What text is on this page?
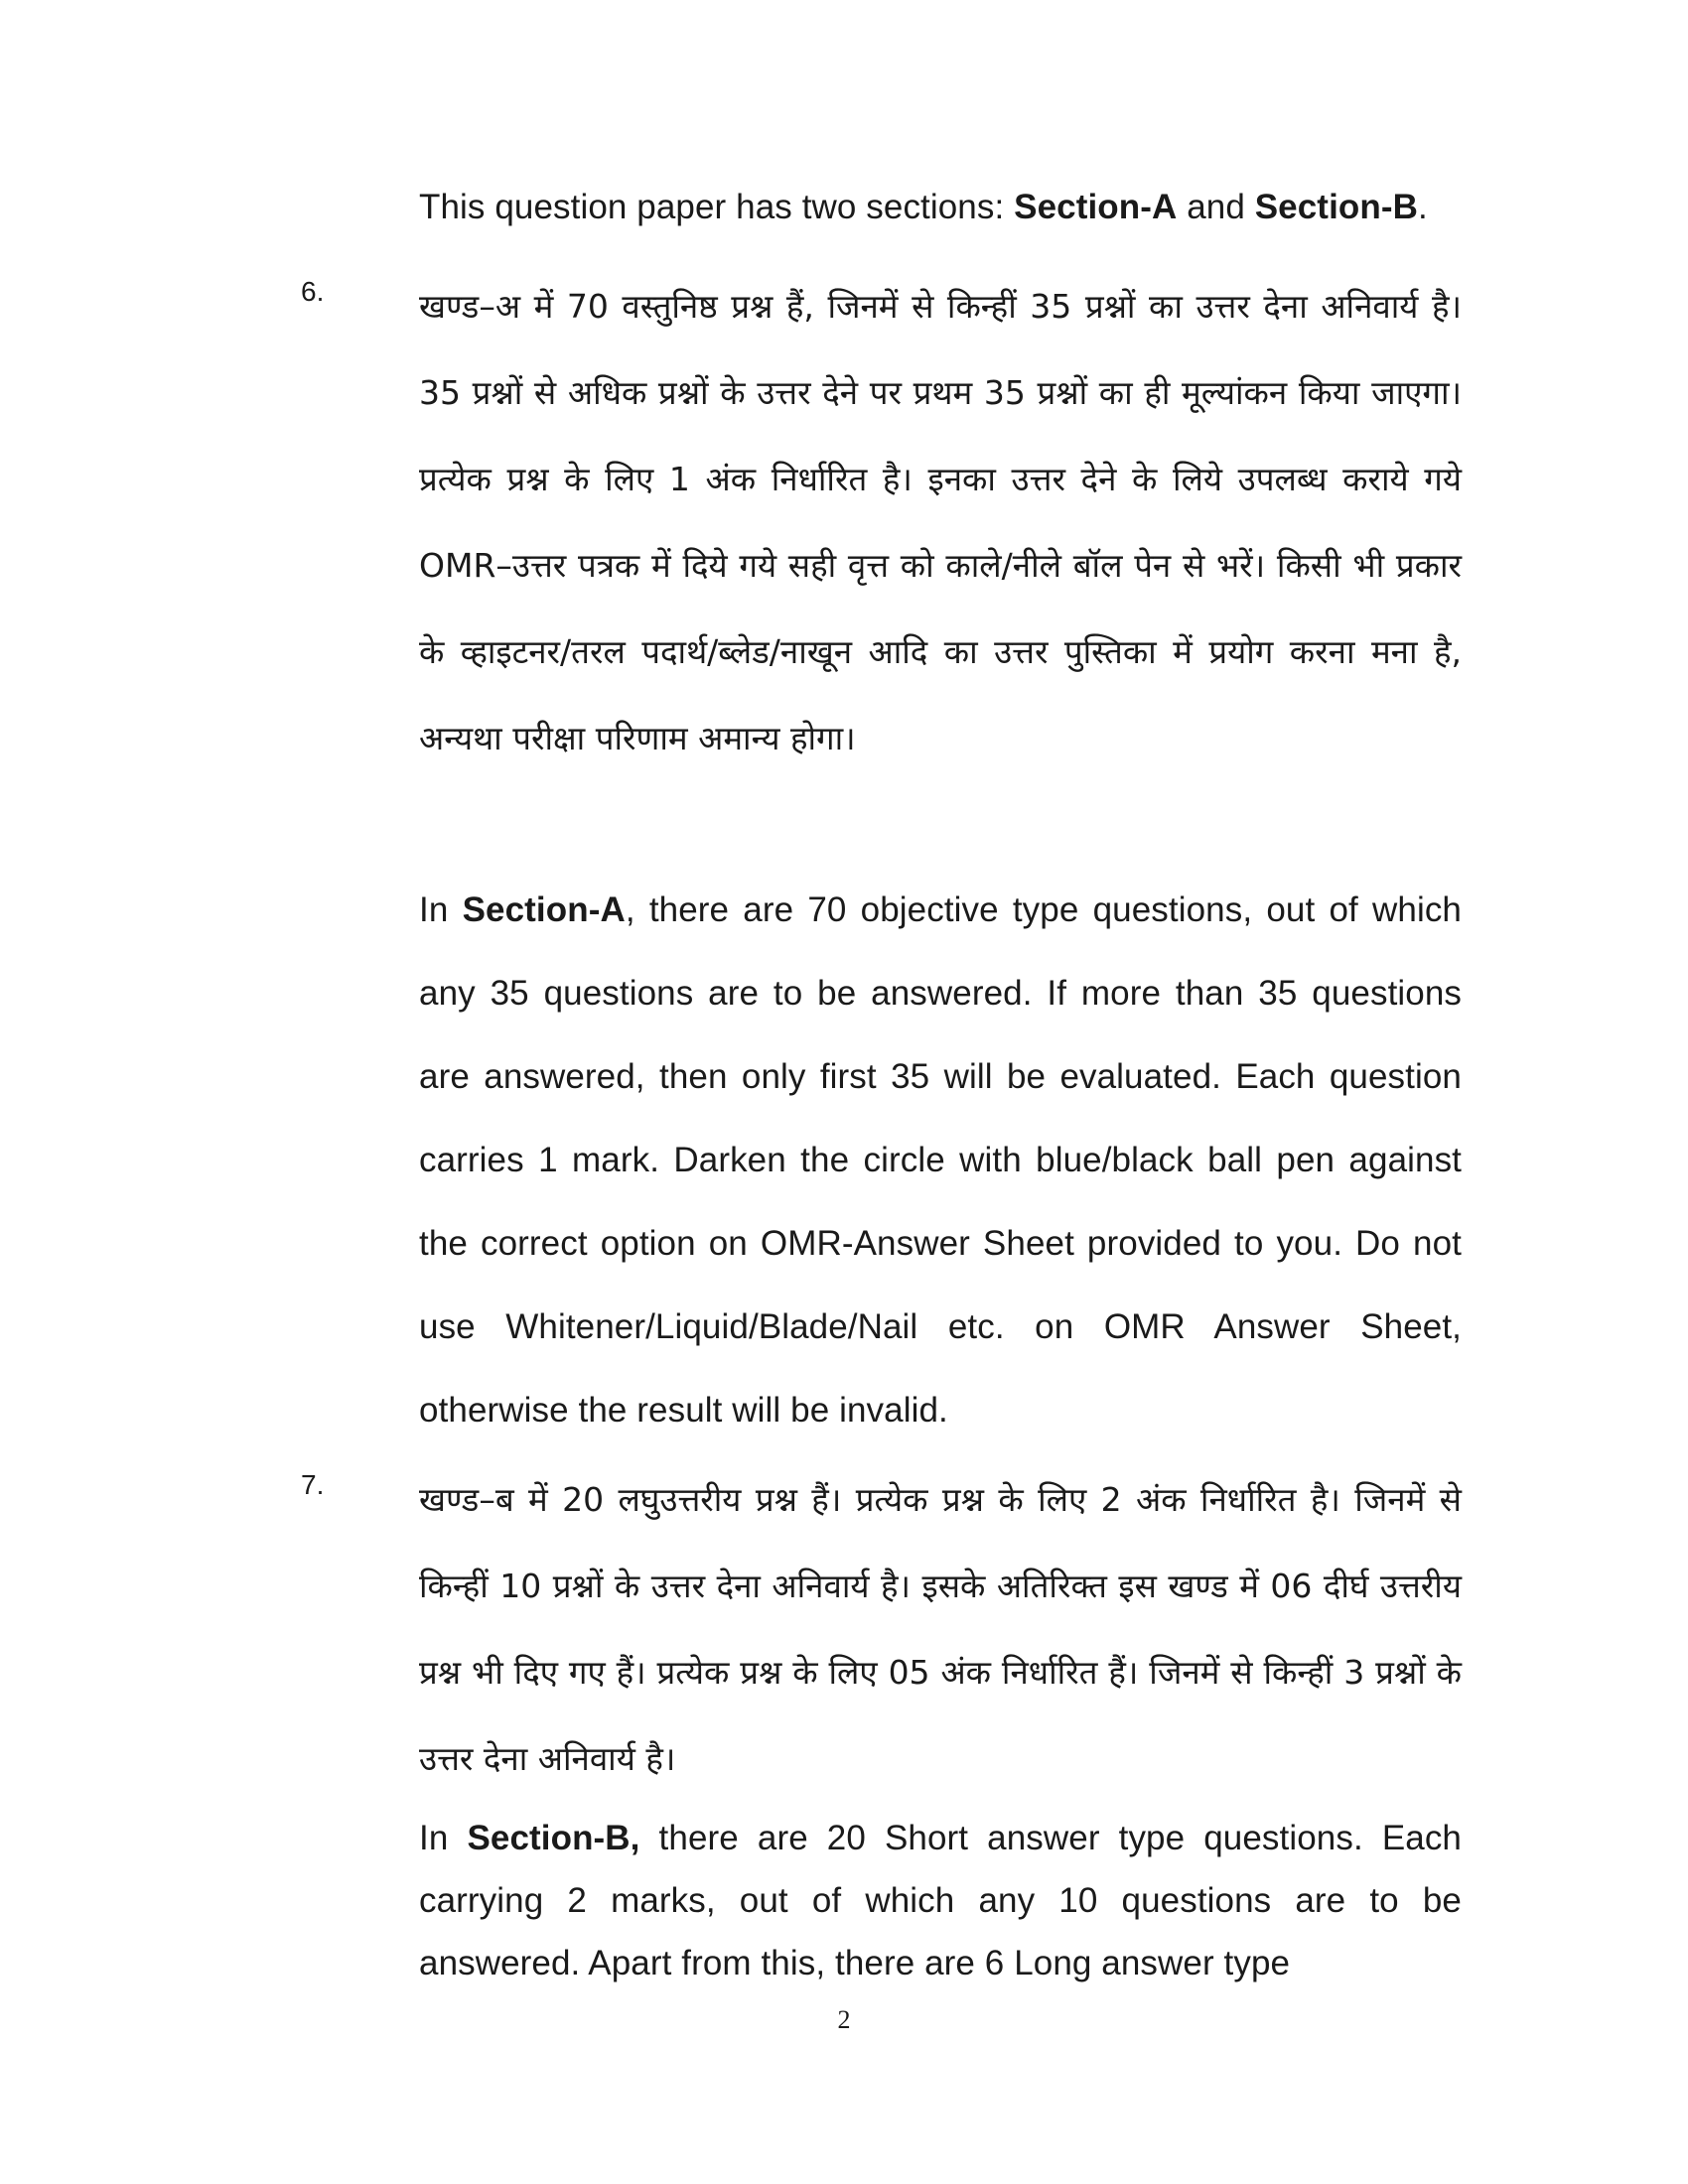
This question paper has two sections: Section-A and Section-B.

6.	खण्ड–अ में 70 वस्तुनिष्ठ प्रश्न हैं, जिनमें से किन्हीं 35 प्रश्नों का उत्तर देना अनिवार्य है। 35 प्रश्नों से अधिक प्रश्नों के उत्तर देने पर प्रथम 35 प्रश्नों का ही मूल्यांकन किया जाएगा। प्रत्येक प्रश्न के लिए 1 अंक निर्धारित है। इनका उत्तर देने के लिये उपलब्ध कराये गये OMR–उत्तर पत्रक में दिये गये सही वृत्त को काले/नीले बॉल पेन से भरें। किसी भी प्रकार के व्हाइटनर/तरल पदार्थ/ब्लेड/नाखून आदि का उत्तर पुस्तिका में प्रयोग करना मना है, अन्यथा परीक्षा परिणाम अमान्य होगा।

In Section-A, there are 70 objective type questions, out of which any 35 questions are to be answered. If more than 35 questions are answered, then only first 35 will be evaluated. Each question carries 1 mark. Darken the circle with blue/black ball pen against the correct option on OMR-Answer Sheet provided to you. Do not use Whitener/Liquid/Blade/Nail etc. on OMR Answer Sheet, otherwise the result will be invalid.

7.	खण्ड–ब में 20 लघुउत्तरीय प्रश्न हैं। प्रत्येक प्रश्न के लिए 2 अंक निर्धारित है। जिनमें से किन्हीं 10 प्रश्नों के उत्तर देना अनिवार्य है। इसके अतिरिक्त इस खण्ड में 06 दीर्घ उत्तरीय प्रश्न भी दिए गए हैं। प्रत्येक प्रश्न के लिए 05 अंक निर्धारित हैं। जिनमें से किन्हीं 3 प्रश्नों के उत्तर देना अनिवार्य है।

In Section-B, there are 20 Short answer type questions. Each carrying 2 marks, out of which any 10 questions are to be answered. Apart from this, there are 6 Long answer type

2
